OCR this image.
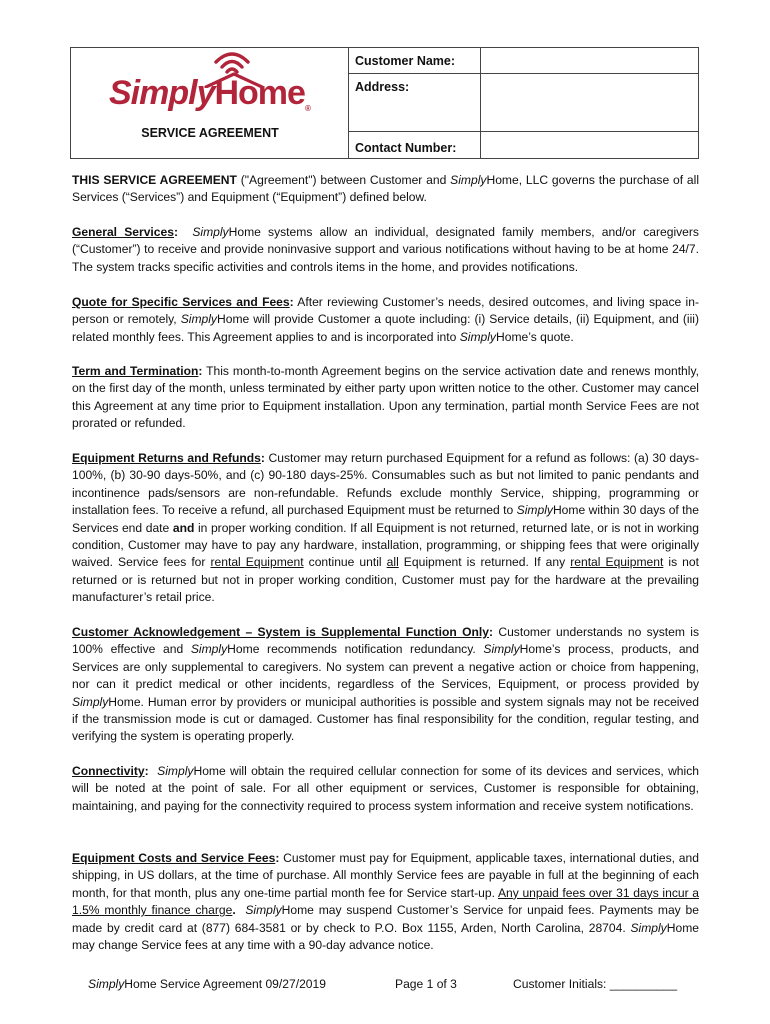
SimplyHome®
SERVICE AGREEMENT
Customer Name:
Address:
Contact Number:

THIS SERVICE AGREEMENT ("Agreement") between Customer and SimplyHome, LLC governs the purchase of all Services (“Services”) and Equipment (“Equipment”) defined below.

General Services: SimplyHome systems allow an individual, designated family members, and/or caregivers (“Customer”) to receive and provide noninvasive support and various notifications without having to be at home 24/7. The system tracks specific activities and controls items in the home, and provides notifications.

Quote for Specific Services and Fees: After reviewing Customer’s needs, desired outcomes, and living space in-person or remotely, SimplyHome will provide Customer a quote including: (i) Service details, (ii) Equipment, and (iii) related monthly fees. This Agreement applies to and is incorporated into SimplyHome’s quote.

Term and Termination: This month-to-month Agreement begins on the service activation date and renews monthly, on the first day of the month, unless terminated by either party upon written notice to the other. Customer may cancel this Agreement at any time prior to Equipment installation. Upon any termination, partial month Service Fees are not prorated or refunded.

Equipment Returns and Refunds: Customer may return purchased Equipment for a refund as follows: (a) 30 days-100%, (b) 30-90 days-50%, and (c) 90-180 days-25%. Consumables such as but not limited to panic pendants and incontinence pads/sensors are non-refundable. Refunds exclude monthly Service, shipping, programming or installation fees. To receive a refund, all purchased Equipment must be returned to SimplyHome within 30 days of the Services end date and in proper working condition. If all Equipment is not returned, returned late, or is not in working condition, Customer may have to pay any hardware, installation, programming, or shipping fees that were originally waived. Service fees for rental Equipment continue until all Equipment is returned. If any rental Equipment is not returned or is returned but not in proper working condition, Customer must pay for the hardware at the prevailing manufacturer’s retail price.

Customer Acknowledgement – System is Supplemental Function Only: Customer understands no system is 100% effective and SimplyHome recommends notification redundancy. SimplyHome’s process, products, and Services are only supplemental to caregivers. No system can prevent a negative action or choice from happening, nor can it predict medical or other incidents, regardless of the Services, Equipment, or process provided by SimplyHome. Human error by providers or municipal authorities is possible and system signals may not be received if the transmission mode is cut or damaged. Customer has final responsibility for the condition, regular testing, and verifying the system is operating properly.

Connectivity: SimplyHome will obtain the required cellular connection for some of its devices and services, which will be noted at the point of sale. For all other equipment or services, Customer is responsible for obtaining, maintaining, and paying for the connectivity required to process system information and receive system notifications.

Equipment Costs and Service Fees: Customer must pay for Equipment, applicable taxes, international duties, and shipping, in US dollars, at the time of purchase. All monthly Service fees are payable in full at the beginning of each month, for that month, plus any one-time partial month fee for Service start-up. Any unpaid fees over 31 days incur a 1.5% monthly finance charge. SimplyHome may suspend Customer’s Service for unpaid fees. Payments may be made by credit card at (877) 684-3581 or by check to P.O. Box 1155, Arden, North Carolina, 28704. SimplyHome may change Service fees at any time with a 90-day advance notice.

SimplyHome Service Agreement 09/27/2019	Page 1 of 3	Customer Initials: __________
